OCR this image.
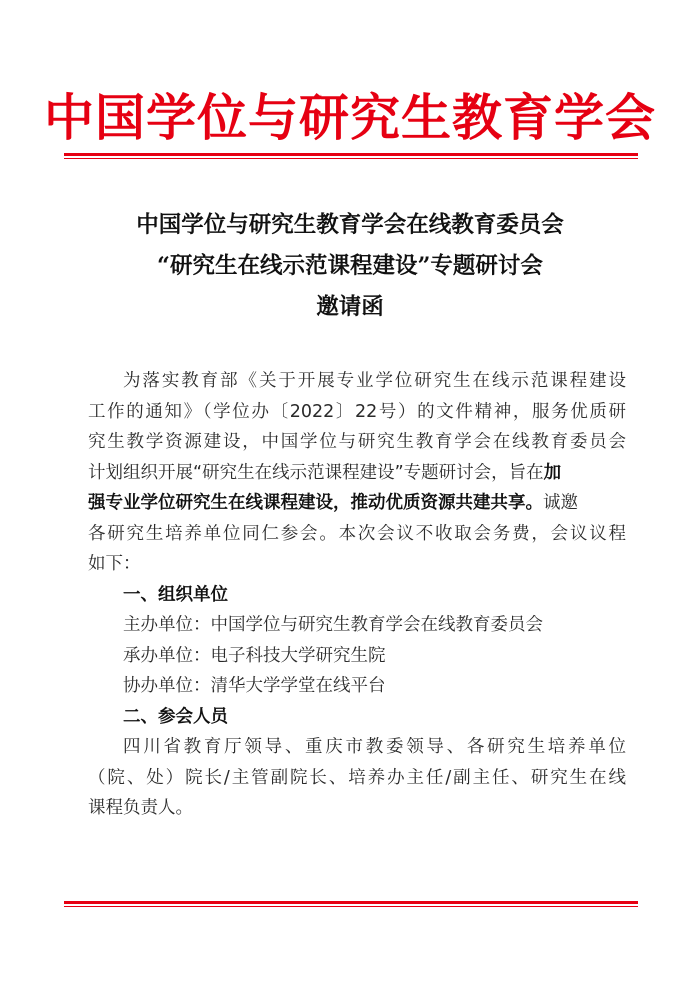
中国学位与研究生教育学会
中国学位与研究生教育学会在线教育委员会
“研究生在线示范课程建设”专题研讨会
邀请函
为落实教育部《关于开展专业学位研究生在线示范课程建设
工作的通知》（学位办〔2022〕22号）的文件精神，服务优质研
究生教学资源建设，中国学位与研究生教育学会在线教育委员会
计划组织开展“研究生在线示范课程建设”专题研讨会，旨在加
强专业学位研究生在线课程建设，推动优质资源共建共享。诚邀
各研究生培养单位同仁参会。本次会议不收取会务费，会议议程
如下：
一、组织单位
主办单位：中国学位与研究生教育学会在线教育委员会
承办单位：电子科技大学研究生院
协办单位：清华大学学堂在线平台
二、参会人员
四川省教育厅领导、重庆市教委领导、各研究生培养单位
（院、处）院长/主管副院长、培养办主任/副主任、研究生在线
课程负责人。
